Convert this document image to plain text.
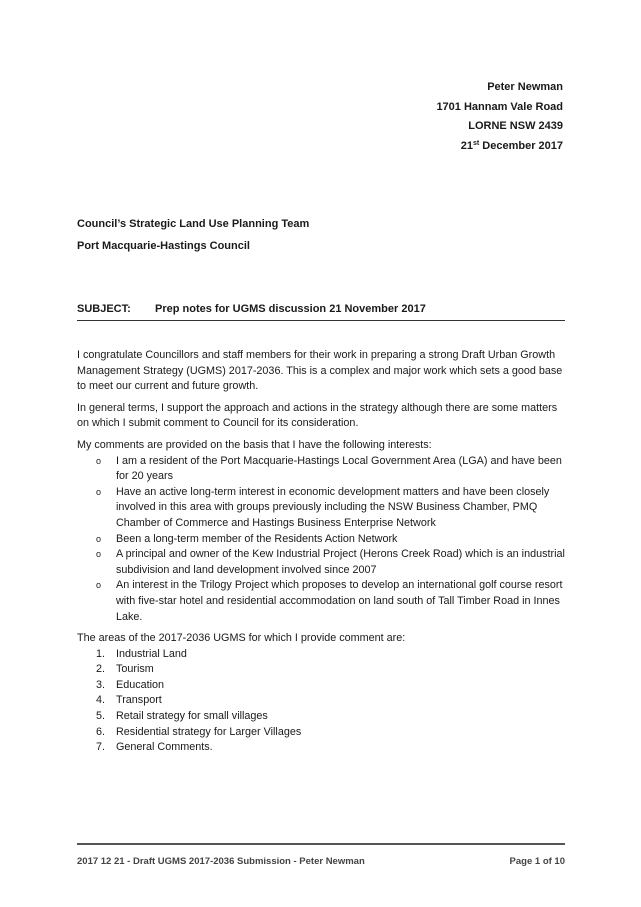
Peter Newman
1701 Hannam Vale Road
LORNE NSW 2439
21st December 2017
Council’s Strategic Land Use Planning Team
Port Macquarie-Hastings Council
SUBJECT: Prep notes for UGMS discussion 21 November 2017

I congratulate Councillors and staff members for their work in preparing a strong Draft Urban Growth Management Strategy (UGMS) 2017-2036. This is a complex and major work which sets a good base to meet our current and future growth.

In general terms, I support the approach and actions in the strategy although there are some matters on which I submit comment to Council for its consideration.

My comments are provided on the basis that I have the following interests:

o I am a resident of the Port Macquarie-Hastings Local Government Area (LGA) and have been for 20 years
o Have an active long-term interest in economic development matters and have been closely involved in this area with groups previously including the NSW Business Chamber, PMQ Chamber of Commerce and Hastings Business Enterprise Network
o Been a long-term member of the Residents Action Network
o A principal and owner of the Kew Industrial Project (Herons Creek Road) which is an industrial subdivision and land development involved since 2007
o An interest in the Trilogy Project which proposes to develop an international golf course resort with five-star hotel and residential accommodation on land south of Tall Timber Road in Innes Lake.

The areas of the 2017-2036 UGMS for which I provide comment are:

1. Industrial Land
2. Tourism
3. Education
4. Transport
5. Retail strategy for small villages
6. Residential strategy for Larger Villages
7. General Comments.
2017 12 21 - Draft UGMS 2017-2036 Submission - Peter Newman	Page 1 of 10
